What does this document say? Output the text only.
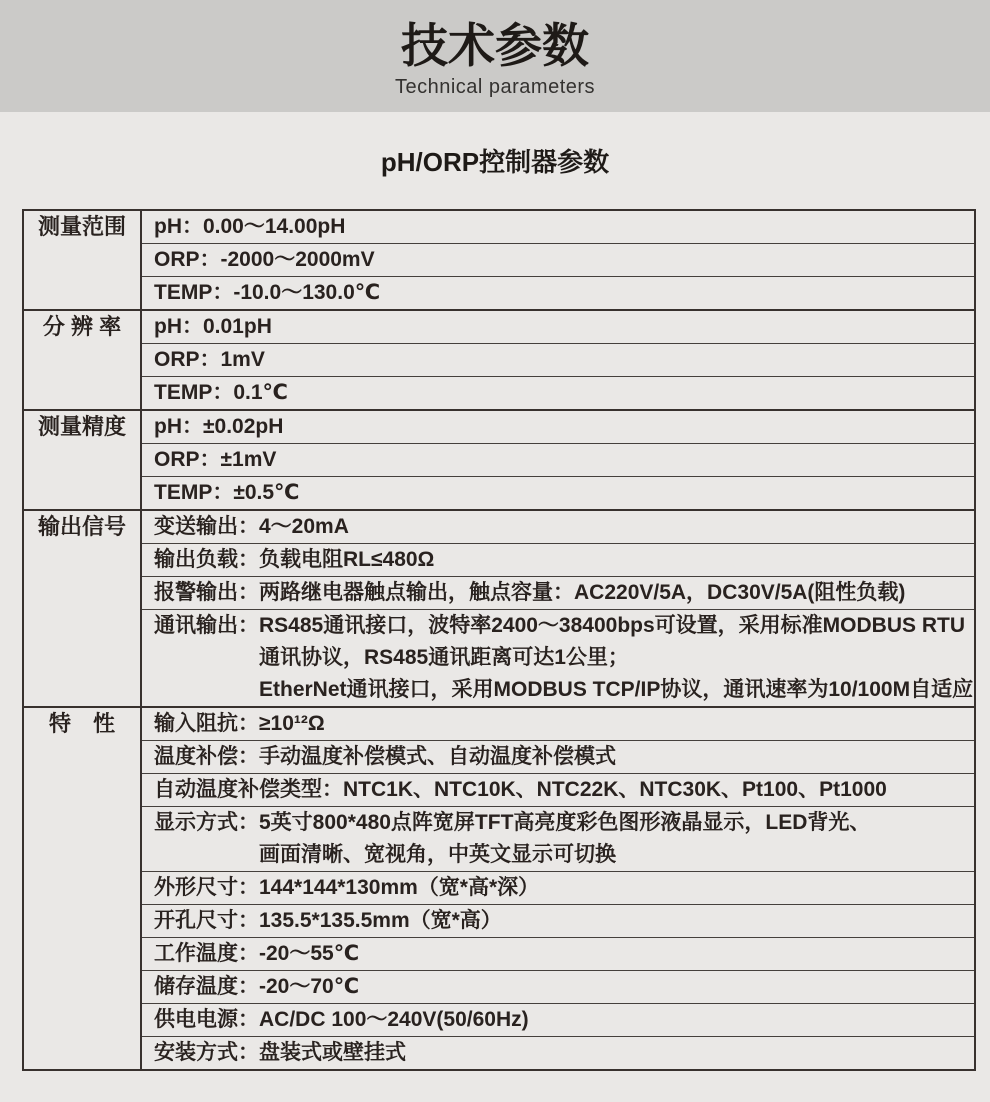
技术参数
Technical parameters
pH/ORP控制器参数
测量范围	pH：0.00～14.00pH
ORP：-2000～2000mV
TEMP：-10.0～130.0℃
分 辨 率	pH：0.01pH
ORP：1mV
TEMP：0.1℃
测量精度	pH：±0.02pH
ORP：±1mV
TEMP：±0.5℃
输出信号	变送输出：4～20mA
输出负载：负载电阻RL≤480Ω
报警输出：两路继电器触点输出，触点容量：AC220V/5A，DC30V/5A(阻性负载)
通讯输出： RS485通讯接口，波特率2400～38400bps可设置，采用标准MODBUS RTU
通讯协议，RS485通讯距离可达1公里；
EtherNet通讯接口，采用MODBUS TCP/IP协议，通讯速率为10/100M自适应
特　性	输入阻抗：≥10¹²Ω
温度补偿：手动温度补偿模式、自动温度补偿模式
自动温度补偿类型：NTC1K、NTC10K、NTC22K、NTC30K、Pt100、Pt1000
显示方式： 5英寸800*480点阵宽屏TFT高亮度彩色图形液晶显示，LED背光、
画面清晰、宽视角，中英文显示可切换
外形尺寸：144*144*130mm（宽*高*深）
开孔尺寸：135.5*135.5mm（宽*高）
工作温度：-20～55℃
储存温度：-20～70℃
供电电源：AC/DC 100～240V(50/60Hz)
安装方式：盘装式或壁挂式
